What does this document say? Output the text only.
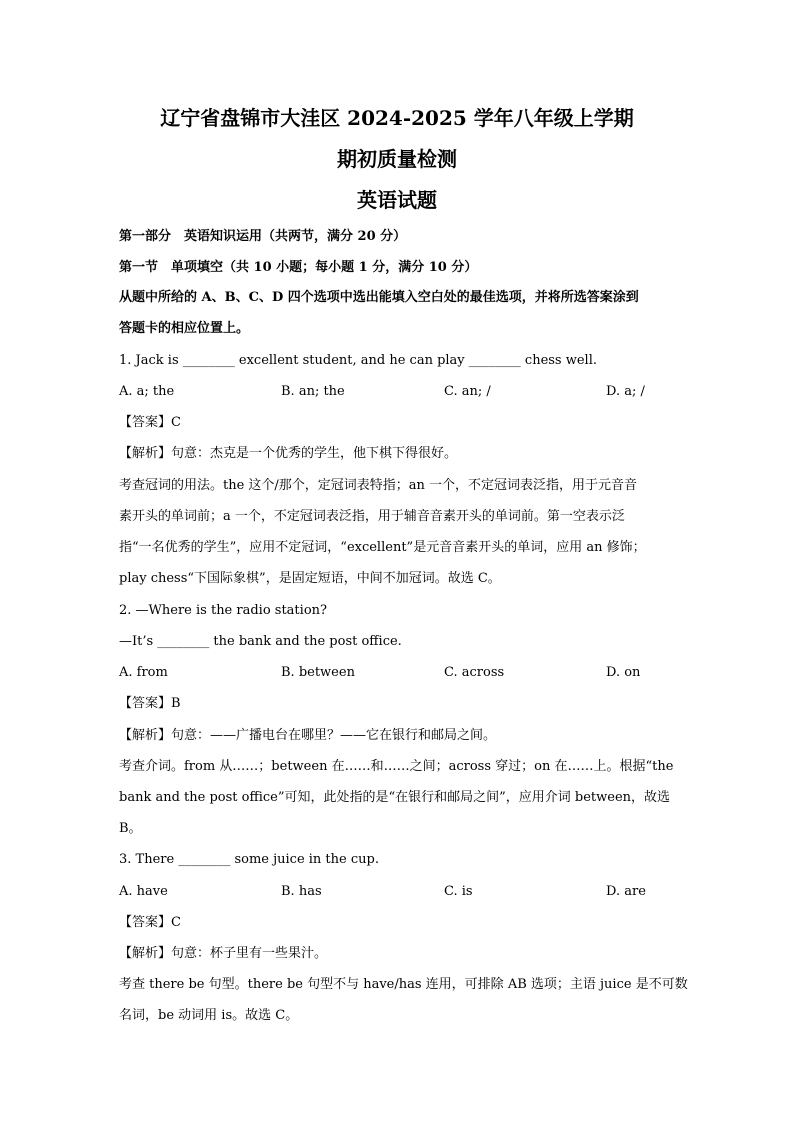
辽宁省盘锦市大洼区 2024-2025 学年八年级上学期
期初质量检测
英语试题
第一部分　英语知识运用（共两节，满分 20 分）
第一节　单项填空（共 10 小题；每小题 1 分，满分 10 分）
从题中所给的 A、B、C、D 四个选项中选出能填入空白处的最佳选项，并将所选答案涂到
答题卡的相应位置上。
1. Jack is ________ excellent student, and he can play ________ chess well.
A. a; the	B. an; the	C. an; /	D. a; /
【答案】C
【解析】句意：杰克是一个优秀的学生，他下棋下得很好。
考查冠词的用法。the 这个/那个，定冠词表特指；an 一个，不定冠词表泛指，用于元音音
素开头的单词前；a 一个，不定冠词表泛指，用于辅音音素开头的单词前。第一空表示泛
指“一名优秀的学生”，应用不定冠词，“excellent”是元音音素开头的单词，应用 an 修饰；
play chess“下国际象棋”，是固定短语，中间不加冠词。故选 C。
2. —Where is the radio station?
—It’s ________ the bank and the post office.
A. from	B. between	C. across	D. on
【答案】B
【解析】句意：——广播电台在哪里？——它在银行和邮局之间。
考查介词。from 从……；between 在……和……之间；across 穿过；on 在……上。根据“the
bank and the post office”可知，此处指的是“在银行和邮局之间”，应用介词 between，故选
B。
3. There ________ some juice in the cup.
A. have	B. has	C. is	D. are
【答案】C
【解析】句意：杯子里有一些果汁。
考查 there be 句型。there be 句型不与 have/has 连用，可排除 AB 选项；主语 juice 是不可数
名词，be 动词用 is。故选 C。
